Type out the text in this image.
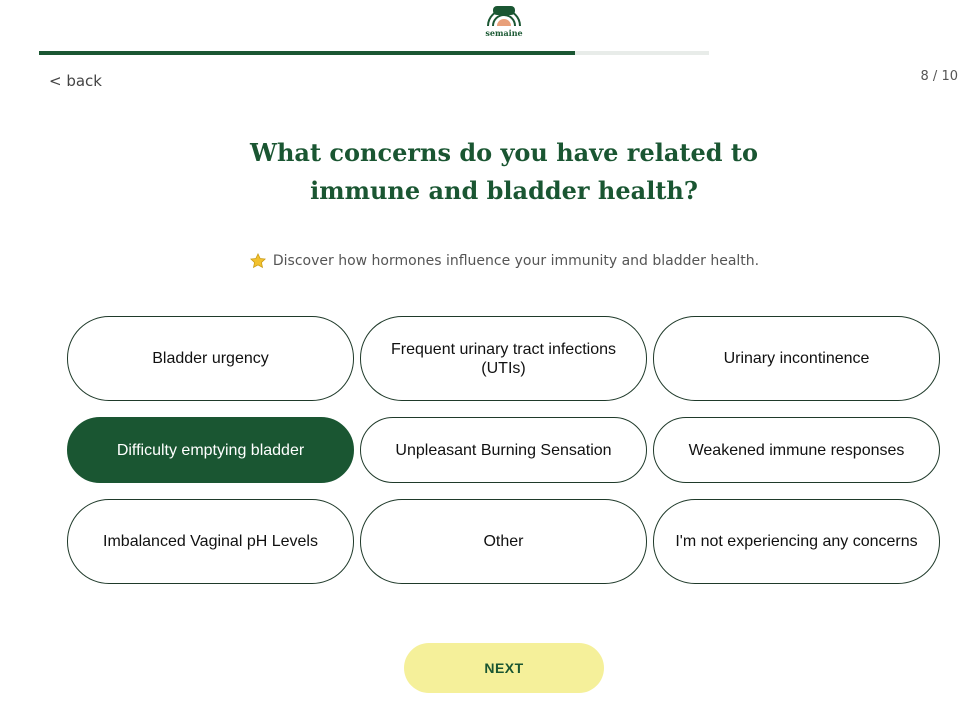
semaine
< back	8 / 10
What concerns do you have related to
immune and bladder health?
Discover how hormones influence your immunity and bladder health.
Bladder urgency
Frequent urinary tract infections (UTIs)
Urinary incontinence
Difficulty emptying bladder	Unpleasant Burning Sensation	Weakened immune responses
Imbalanced Vaginal pH Levels	Other	I'm not experiencing any concerns
NEXT
